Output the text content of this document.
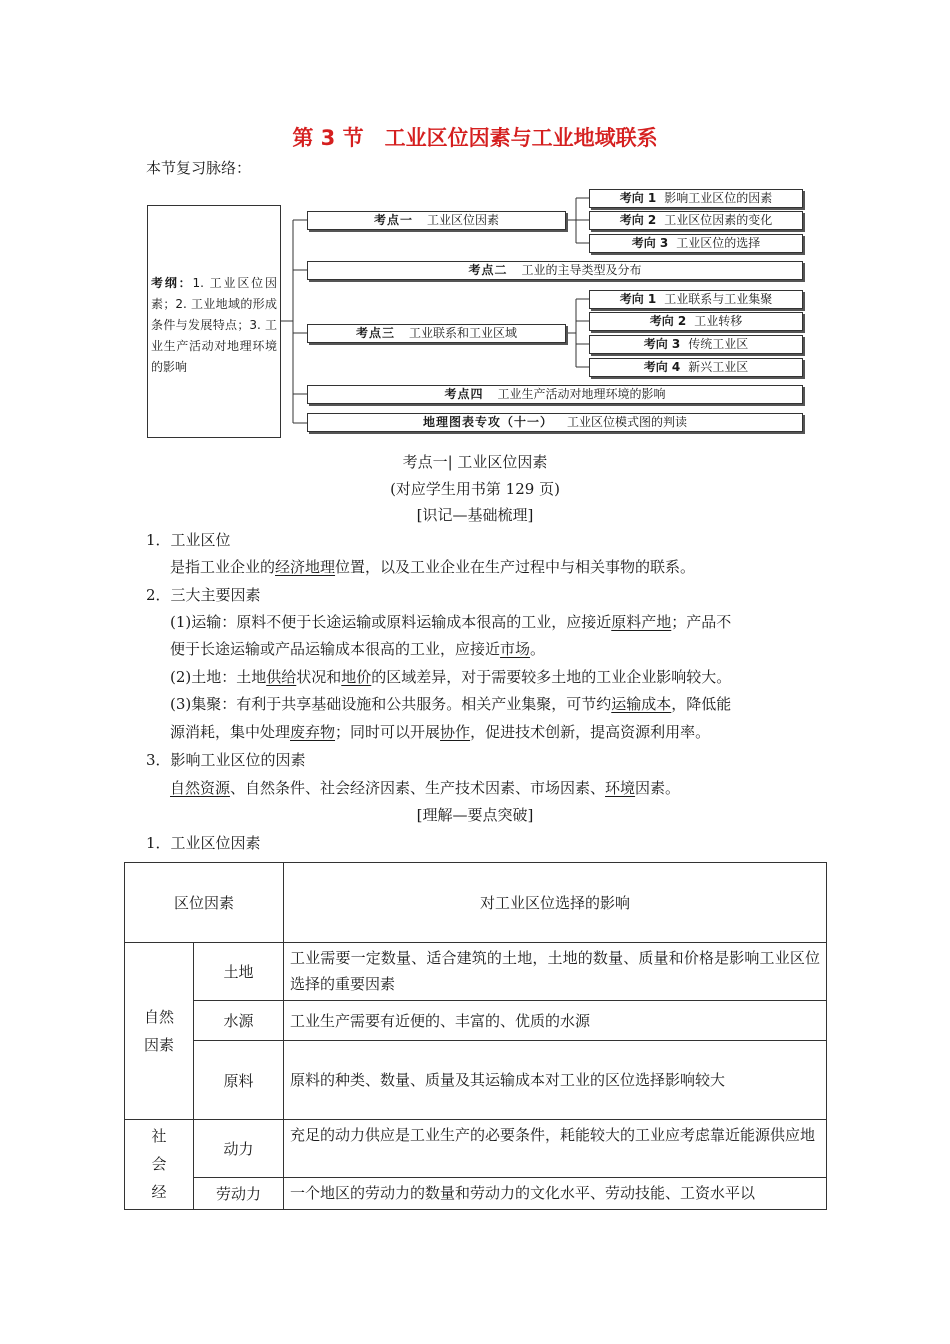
第 3 节　工业区位因素与工业地域联系
本节复习脉络：
考纲：1. 工业区位因素；2. 工业地域的形成条件与发展特点；3. 工业生产活动对地理环境的影响
考点一 工业区位因素
考点二 工业的主导类型及分布
考点三 工业联系和工业区域
考点四 工业生产活动对地理环境的影响
地理图表专攻（十一） 工业区位模式图的判读
考向 1 影响工业区位的因素
考向 2 工业区位因素的变化
考向 3 工业区位的选择
考向 1 工业联系与工业集聚
考向 2 工业转移
考向 3 传统工业区
考向 4 新兴工业区
考点一| 工业区位因素
(对应学生用书第 129 页)
[识记—基础梳理]
1．工业区位
是指工业企业的经济地理位置，以及工业企业在生产过程中与相关事物的联系。
2．三大主要因素
(1)运输：原料不便于长途运输或原料运输成本很高的工业，应接近原料产地；产品不
便于长途运输或产品运输成本很高的工业，应接近市场。
(2)土地：土地供给状况和地价的区域差异，对于需要较多土地的工业企业影响较大。
(3)集聚：有利于共享基础设施和公共服务。相关产业集聚，可节约运输成本，降低能
源消耗，集中处理废弃物；同时可以开展协作，促进技术创新，提高资源利用率。
3．影响工业区位的因素
自然资源、自然条件、社会经济因素、生产技术因素、市场因素、环境因素。
[理解—要点突破]
1．工业区位因素
区位因素		对工业区位选择的影响
自然因素	土地	工业需要一定数量、适合建筑的土地，土地的数量、质量和价格是影响工业区位选择的重要因素
	水源	工业生产需要有近便的、丰富的、优质的水源
	原料	原料的种类、数量、质量及其运输成本对工业的区位选择影响较大

社
会
经	动力	充足的动力供应是工业生产的必要条件，耗能较大的工业应考虑靠近能源供应地
	劳动力	一个地区的劳动力的数量和劳动力的文化水平、劳动技能、工资水平以
